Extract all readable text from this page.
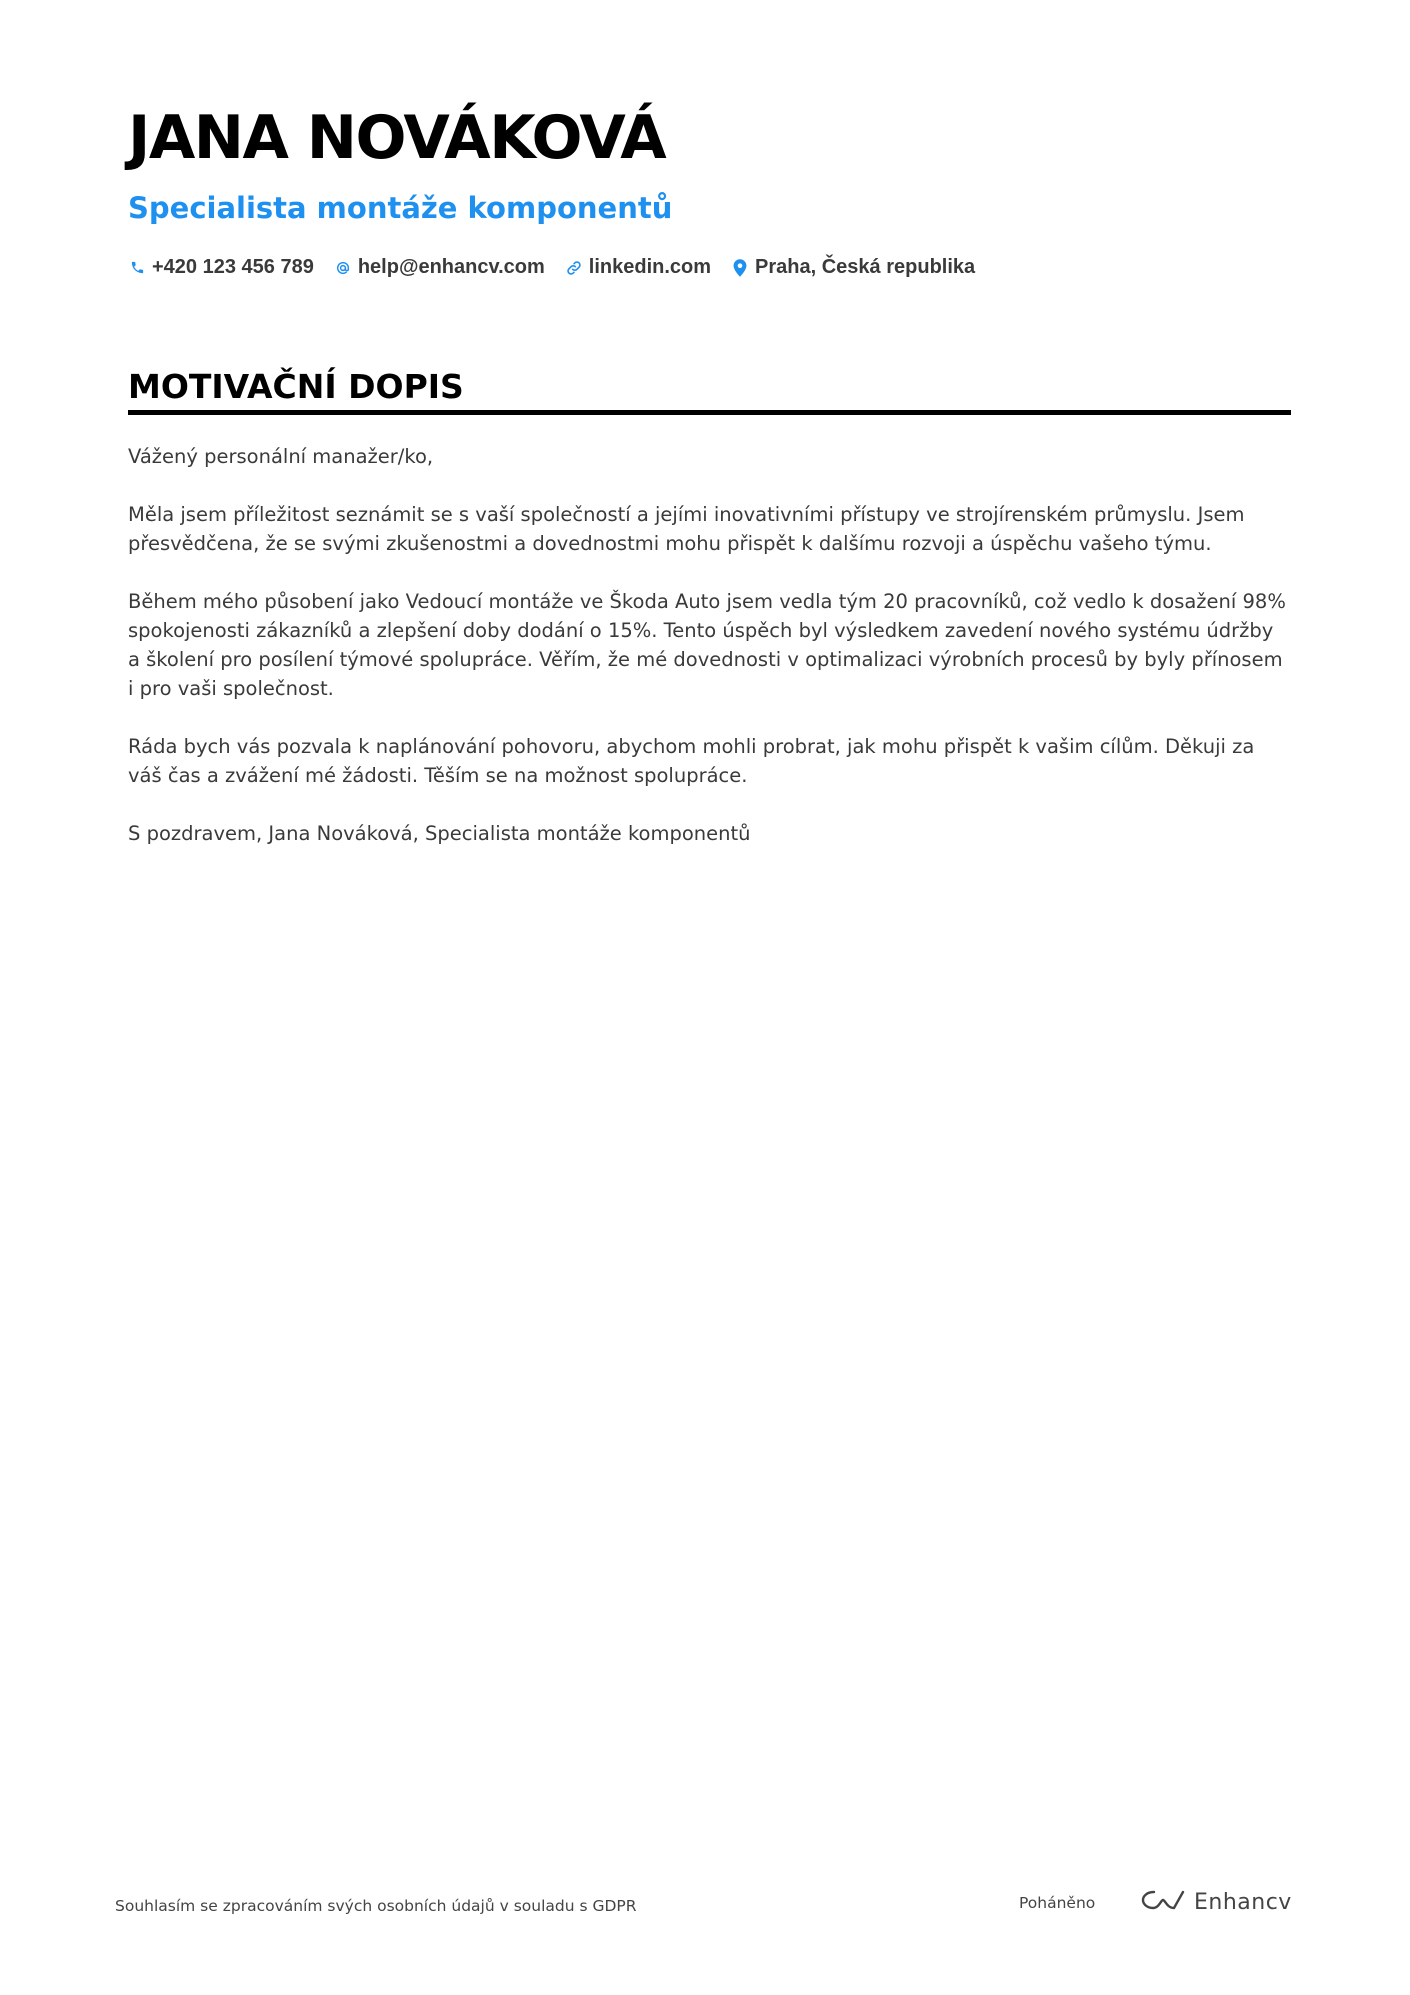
JANA NOVÁKOVÁ
Specialista montáže komponentů
+420 123 456 789 help@enhancv.com linkedin.com Praha, Česká republika
MOTIVAČNÍ DOPIS

Vážený personální manažer/ko,

Měla jsem příležitost seznámit se s vaší společností a jejími inovativními přístupy ve strojírenském průmyslu. Jsem přesvědčena, že se svými zkušenostmi a dovednostmi mohu přispět k dalšímu rozvoji a úspěchu vašeho týmu.

Během mého působení jako Vedoucí montáže ve Škoda Auto jsem vedla tým 20 pracovníků, což vedlo k dosažení 98% spokojenosti zákazníků a zlepšení doby dodání o 15%. Tento úspěch byl výsledkem zavedení nového systému údržby a školení pro posílení týmové spolupráce. Věřím, že mé dovednosti v optimalizaci výrobních procesů by byly přínosem i pro vaši společnost.

Ráda bych vás pozvala k naplánování pohovoru, abychom mohli probrat, jak mohu přispět k vašim cílům. Děkuji za váš čas a zvážení mé žádosti. Těším se na možnost spolupráce.

S pozdravem, Jana Nováková, Specialista montáže komponentů

Souhlasím se zpracováním svých osobních údajů v souladu s GDPR	Poháněno	Enhancv
